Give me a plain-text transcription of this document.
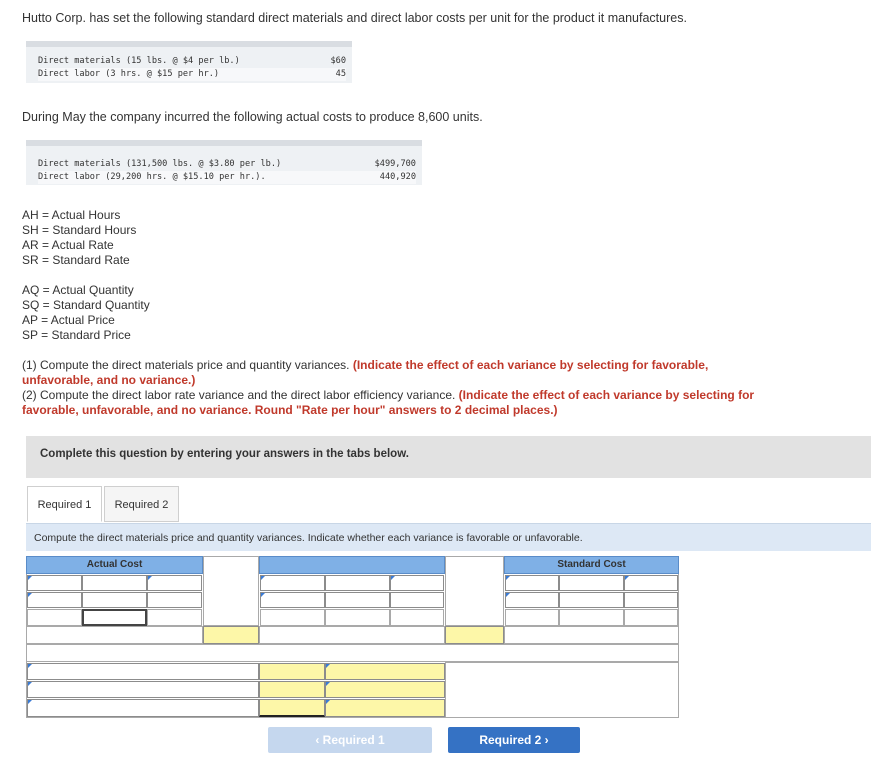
Hutto Corp. has set the following standard direct materials and direct labor costs per unit for the product it manufactures.
Direct materials (15 lbs. @ $4 per lb.)	$60
Direct labor (3 hrs. @ $15 per hr.)	45
During May the company incurred the following actual costs to produce 8,600 units.
Direct materials (131,500 lbs. @ $3.80 per lb.)	$499,700
Direct labor (29,200 hrs. @ $15.10 per hr.).	440,920
AH = Actual Hours
SH = Standard Hours
AR = Actual Rate
SR = Standard Rate
AQ = Actual Quantity
SQ = Standard Quantity
AP = Actual Price
SP = Standard Price
(1) Compute the direct materials price and quantity variances. (Indicate the effect of each variance by selecting for favorable, unfavorable, and no variance.)
(2) Compute the direct labor rate variance and the direct labor efficiency variance. (Indicate the effect of each variance by selecting for favorable, unfavorable, and no variance. Round "Rate per hour" answers to 2 decimal places.)
Complete this question by entering your answers in the tabs below.
Required 1	Required 2
Compute the direct materials price and quantity variances. Indicate whether each variance is favorable or unfavorable.
Actual Cost	Standard Cost
‹ Required 1	Required 2 ›
